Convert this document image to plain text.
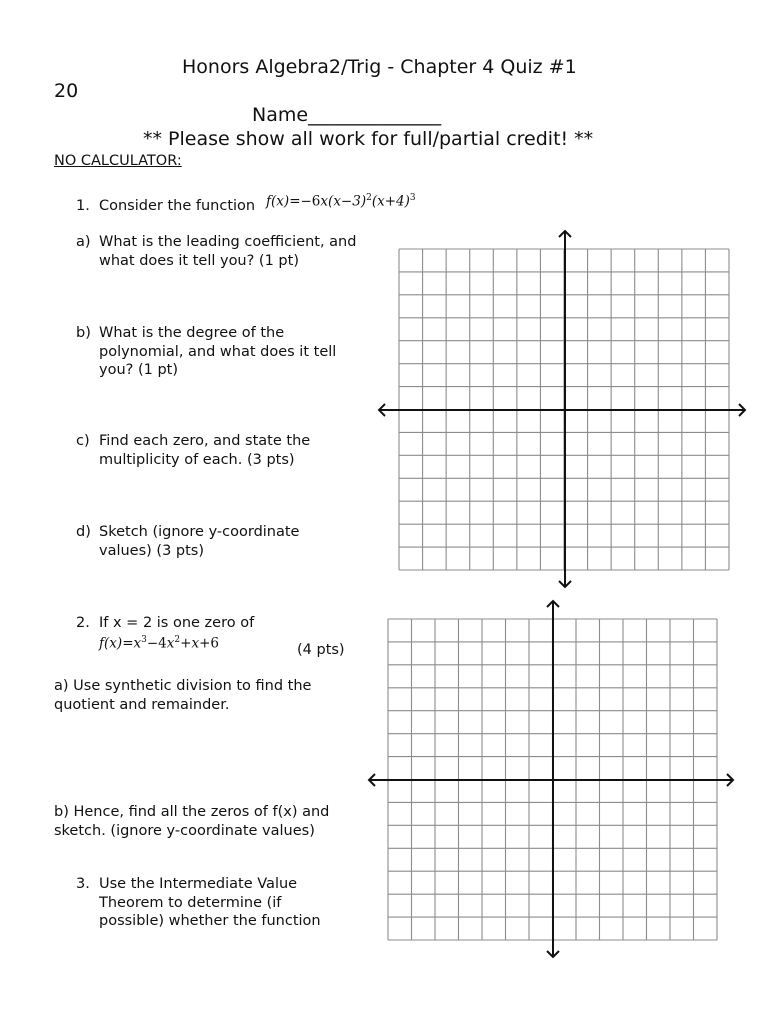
Honors Algebra2/Trig - Chapter 4 Quiz #1
20
Name______________
** Please show all work for full/partial credit! **
NO CALCULATOR:
1. Consider the function $f(x)=-6x(x-3)^2(x+4)^3$
a) What is the leading coefficient, and
what does it tell you? (1 pt)
b) What is the degree of the
polynomial, and what does it tell
you? (1 pt)
c) Find each zero, and state the
multiplicity of each. (3 pts)
d) Sketch (ignore y-coordinate
values) (3 pts)
2. If x = 2 is one zero of
$f(x)=x^3-4x^2+x+6$	(4 pts)
a) Use synthetic division to find the
quotient and remainder.
b) Hence, find all the zeros of f(x) and
sketch. (ignore y-coordinate values)
3. Use the Intermediate Value
Theorem to determine (if
possible) whether the function
